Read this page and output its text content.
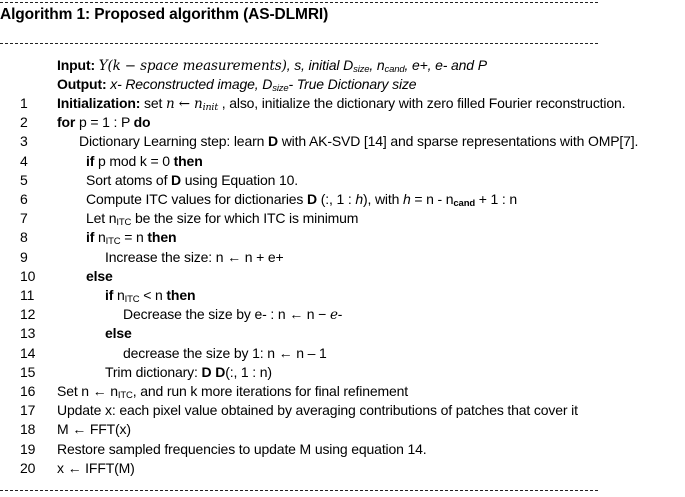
Algorithm 1: Proposed algorithm (AS-DLMRI)
Input: Y(k − space measurements), s, initial $D_{size}$, $n_{cand}$, e+, e- and P
Output: x- Reconstructed image, $D_{size}-$ True Dictionary size
1	Initialization: set n ← $n_{init}$ , also, initialize the dictionary with zero filled Fourier reconstruction.
2	for p = 1 : P do
3	Dictionary Learning step: learn D with AK-SVD [14] and sparse representations with OMP[7].
4	if p mod k = 0 then
5	Sort atoms of D using Equation 10.
6	Compute ITC values for dictionaries D (:, 1 : h), with $h = n - n_{cand} + 1$ : n
7	Let $n_{ITC}$ be the size for which ITC is minimum
8	if $n_{ITC} = n$ then
9	Increase the size: n ← n + e+
10	else
11	if $n_{ITC} < n$ then
12	Decrease the size by e- : n ← n − e-
13	else
14	decrease the size by 1: n ← n – 1
15	Trim dictionary: D D(:, 1 : n)
16	Set n ← $n_{ITC}$, and run k more iterations for final refinement
17	Update x: each pixel value obtained by averaging contributions of patches that cover it
18	M ← FFT(x)
19	Restore sampled frequencies to update M using equation 14.
20	x ← IFFT(M)
